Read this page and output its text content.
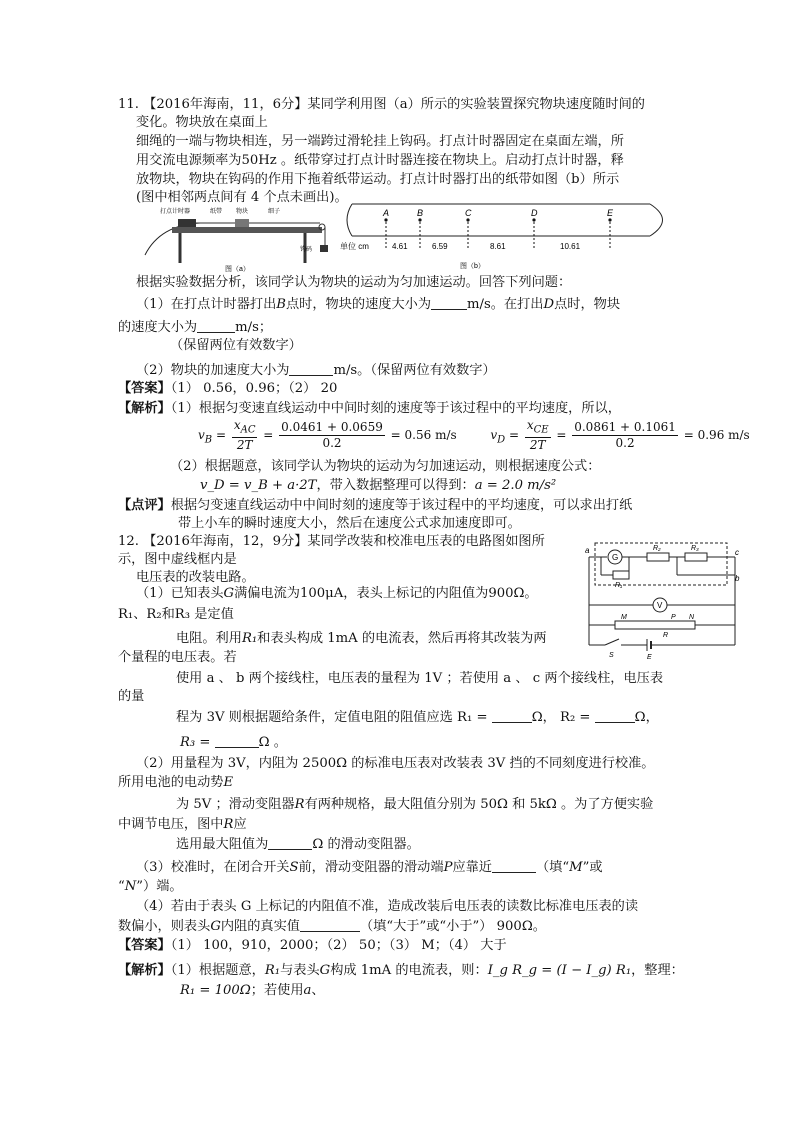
11. 【2016年海南，11，6分】某同学利用图（a）所示的实验装置探究物块速度随时间的
变化。物块放在桌面上
细绳的一端与物块相连，另一端跨过滑轮挂上钩码。打点计时器固定在桌面左端，所
用交流电源频率为50Hz 。纸带穿过打点计时器连接在物块上。启动打点计时器，释
放物块，物块在钩码的作用下拖着纸带运动。打点计时器打出的纸带如图（b）所示
(图中相邻两点间有 4 个点未画出)。
打点计时器	纸带 物块	细子
钩码
图（a）
A	B	C	D	E
单位 cm	4.61	6.59	8.61	10.61
图（b）
根据实验数据分析，该同学认为物块的运动为匀加速运动。回答下列问题：
（1）在打点计时器打出B点时，物块的速度大小为	m/s。在打出D点时，物块
的速度大小为	m/s；
（保留两位有效数字）
（2）物块的加速度大小为	m/s。（保留两位有效数字）
【答案】（1） 0.56，0.96；（2） 20
【解析】（1）根据匀变速直线运动中中间时刻的速度等于该过程中的平均速度，所以，
$v_B = \frac{x_{AC}}{2T} = \frac{0.0461 + 0.0659}{0.2} = 0.56$ m/s	$v_D = \frac{x_{CE}}{2T} = \frac{0.0861 + 0.1061}{0.2} = 0.96$ m/s
（2）根据题意，该同学认为物块的运动为匀加速运动，则根据速度公式：
v_D = v_B + a·2T，带入数据整理可以得到：a = 2.0 m/s²
【点评】根据匀变速直线运动中中间时刻的速度等于该过程中的平均速度，可以求出打纸
带上小车的瞬时速度大小，然后在速度公式求加速度即可。
12. 【2016年海南，12，9分】某同学改装和校准电压表的电路图如图所
示，图中虚线框内是
电压表的改装电路。
G
a	R₂	R₃	c
R₁
b
V
M	P N
R
S	E
（1）已知表头G满偏电流为100μA，表头上标记的内阻值为900Ω。
R₁、R₂和R₃ 是定值
电阻。利用R₁和表头构成 1mA 的电流表，然后再将其改装为两
个量程的电压表。若
使用 a 、 b 两个接线柱，电压表的量程为 1V ；若使用 a 、 c 两个接线柱，电压表
的量
程为 3V 则根据题给条件，定值电阻的阻值应选 R₁ =	Ω， R₂ =	Ω，
R₃ =	Ω 。
（2）用量程为 3V，内阻为 2500Ω 的标准电压表对改装表 3V 挡的不同刻度进行校准。
所用电池的电动势E
为 5V ；滑动变阻器R有两种规格，最大阻值分别为 50Ω 和 5kΩ 。为了方便实验
中调节电压，图中R应
选用最大阻值为	Ω 的滑动变阻器。
（3）校准时，在闭合开关S前，滑动变阻器的滑动端P应靠近	（填“M”或
“N”）端。
（4）若由于表头 G 上标记的内阻值不准，造成改装后电压表的读数比标准电压表的读
数偏小，则表头G内阻的真实值	（填“大于”或“小于”） 900Ω。
【答案】（1） 100，910，2000；（2） 50；（3） M；（4） 大于
【解析】（1）根据题意，R₁与表头G构成 1mA 的电流表，则：I_g R_g = (I − I_g) R₁，整理：
R₁ = 100Ω；若使用a、
